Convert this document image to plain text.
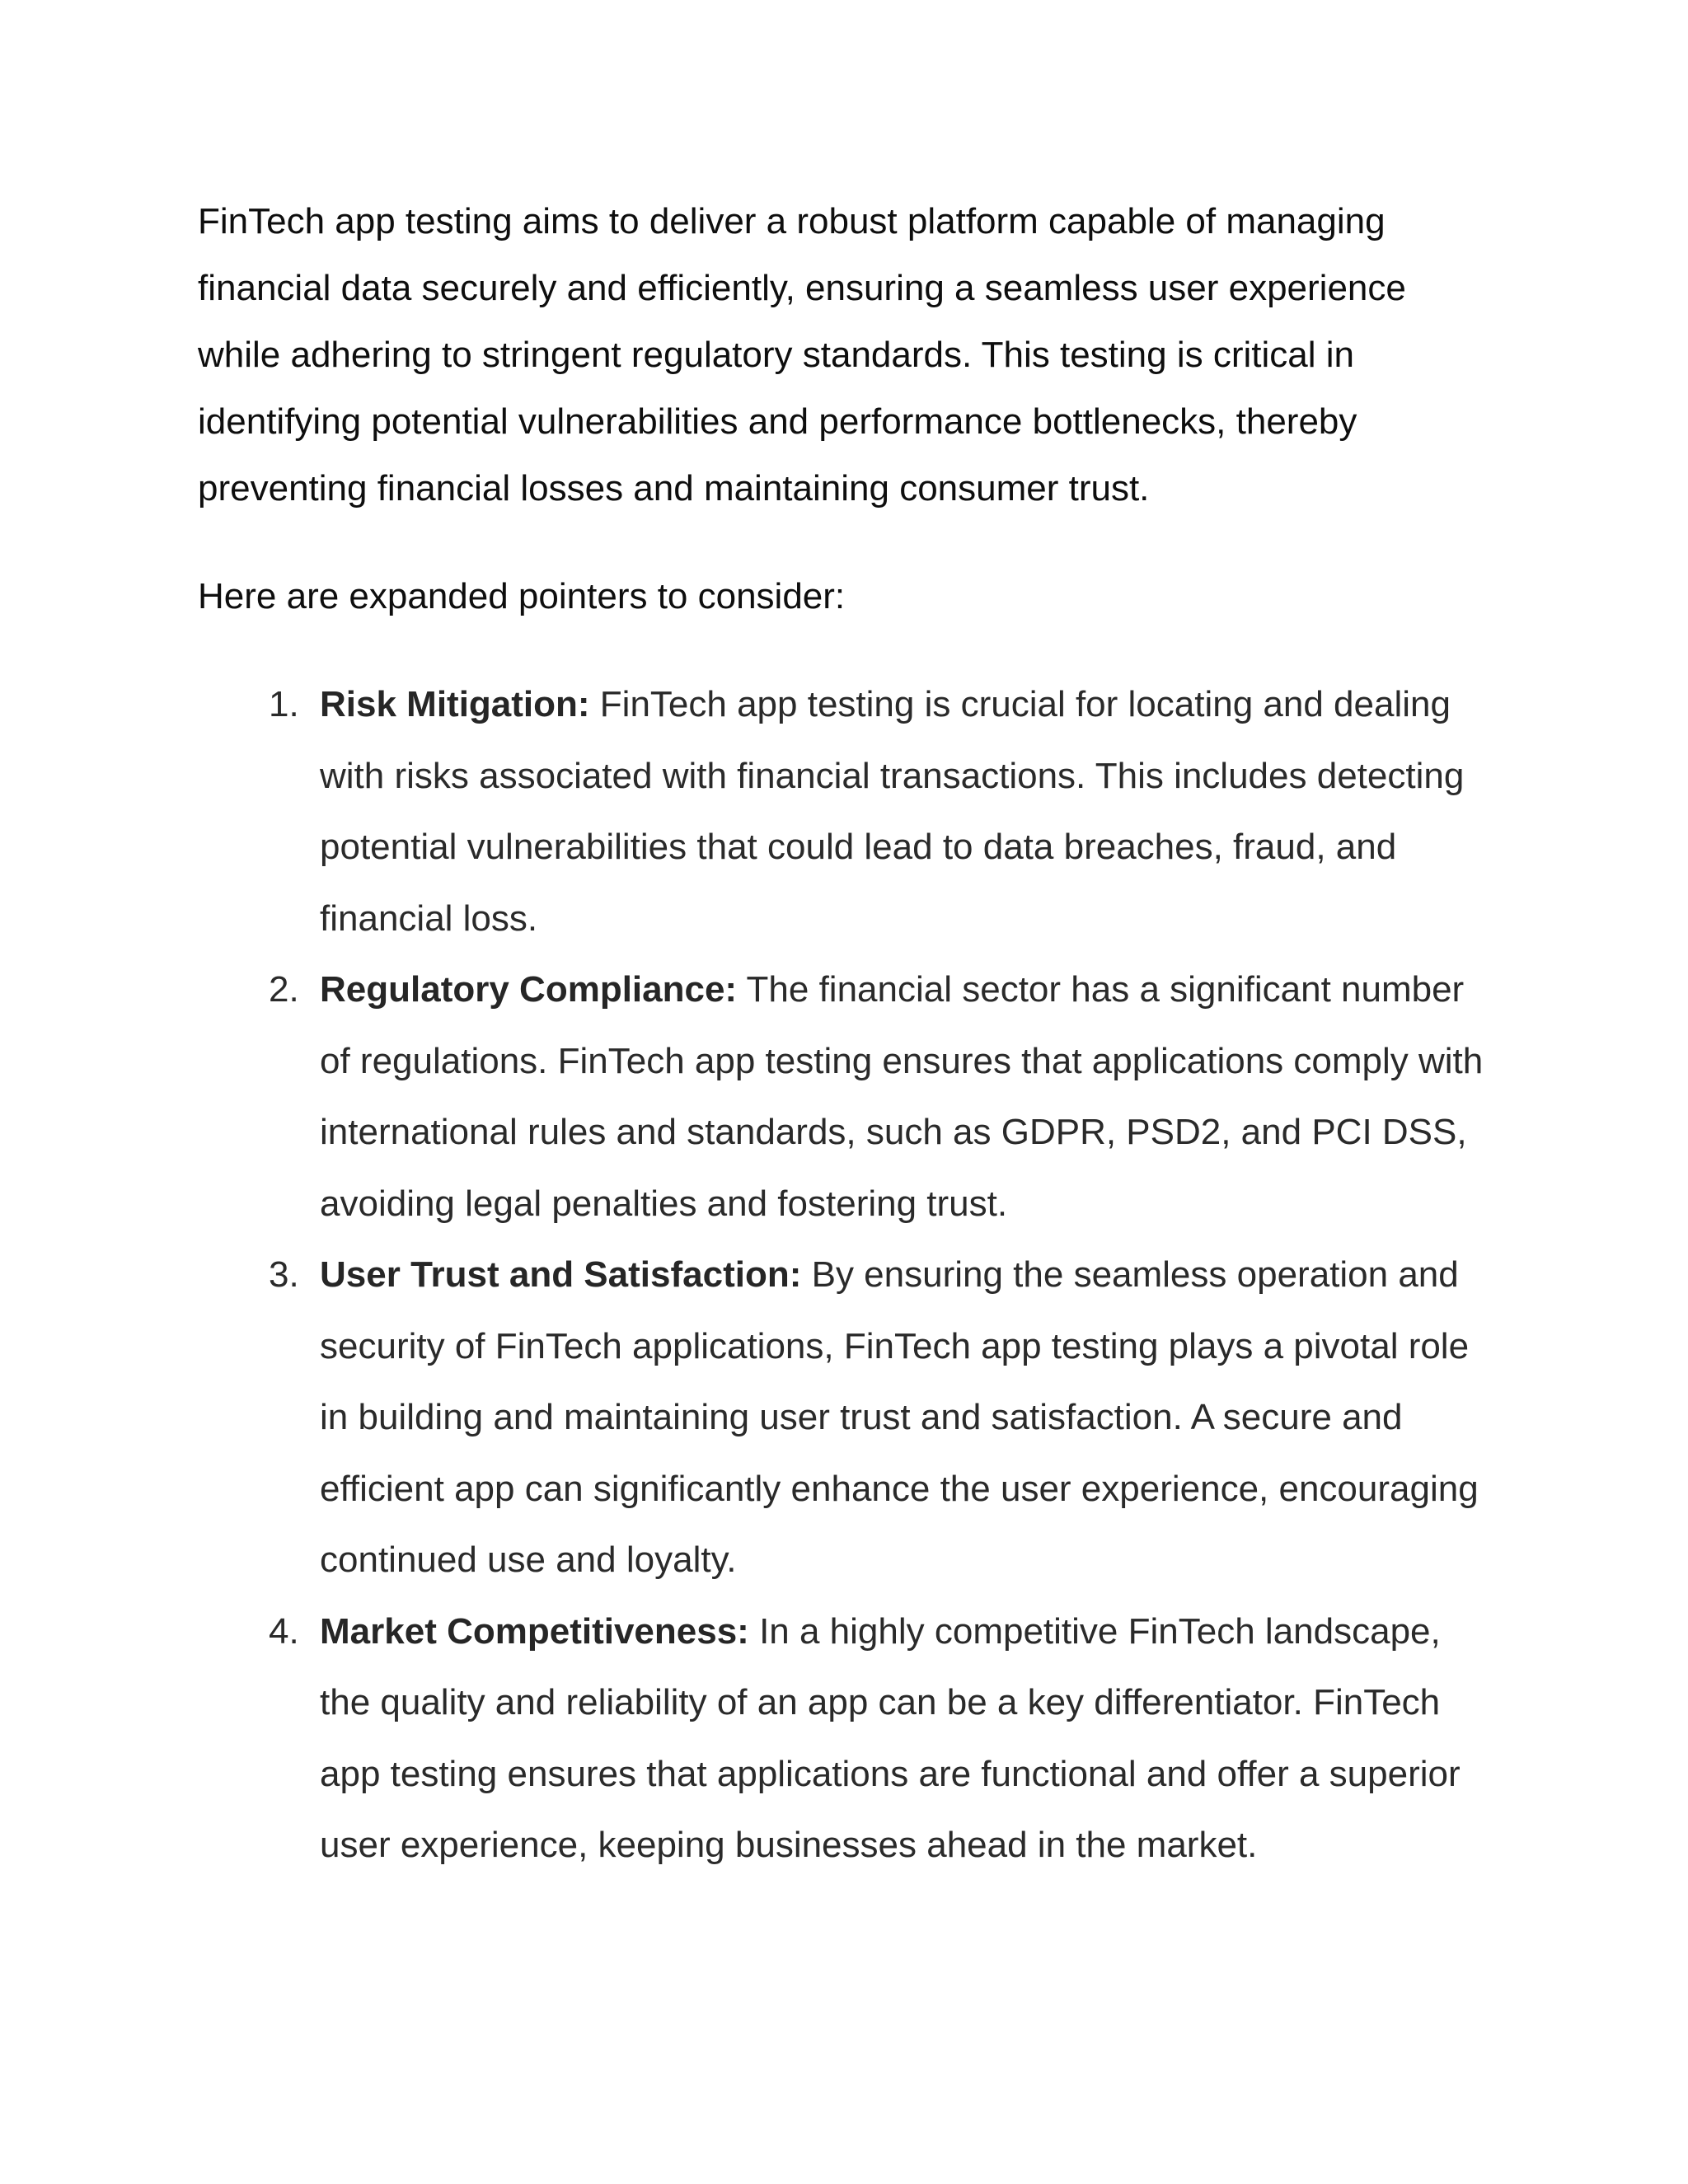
FinTech app testing aims to deliver a robust platform capable of managing financial data securely and efficiently, ensuring a seamless user experience while adhering to stringent regulatory standards. This testing is critical in identifying potential vulnerabilities and performance bottlenecks, thereby preventing financial losses and maintaining consumer trust.

Here are expanded pointers to consider:

1. Risk Mitigation: FinTech app testing is crucial for locating and dealing with risks associated with financial transactions. This includes detecting potential vulnerabilities that could lead to data breaches, fraud, and financial loss.
2. Regulatory Compliance: The financial sector has a significant number of regulations. FinTech app testing ensures that applications comply with international rules and standards, such as GDPR, PSD2, and PCI DSS, avoiding legal penalties and fostering trust.
3. User Trust and Satisfaction: By ensuring the seamless operation and security of FinTech applications, FinTech app testing plays a pivotal role in building and maintaining user trust and satisfaction. A secure and efficient app can significantly enhance the user experience, encouraging continued use and loyalty.
4. Market Competitiveness: In a highly competitive FinTech landscape, the quality and reliability of an app can be a key differentiator. FinTech app testing ensures that applications are functional and offer a superior user experience, keeping businesses ahead in the market.
